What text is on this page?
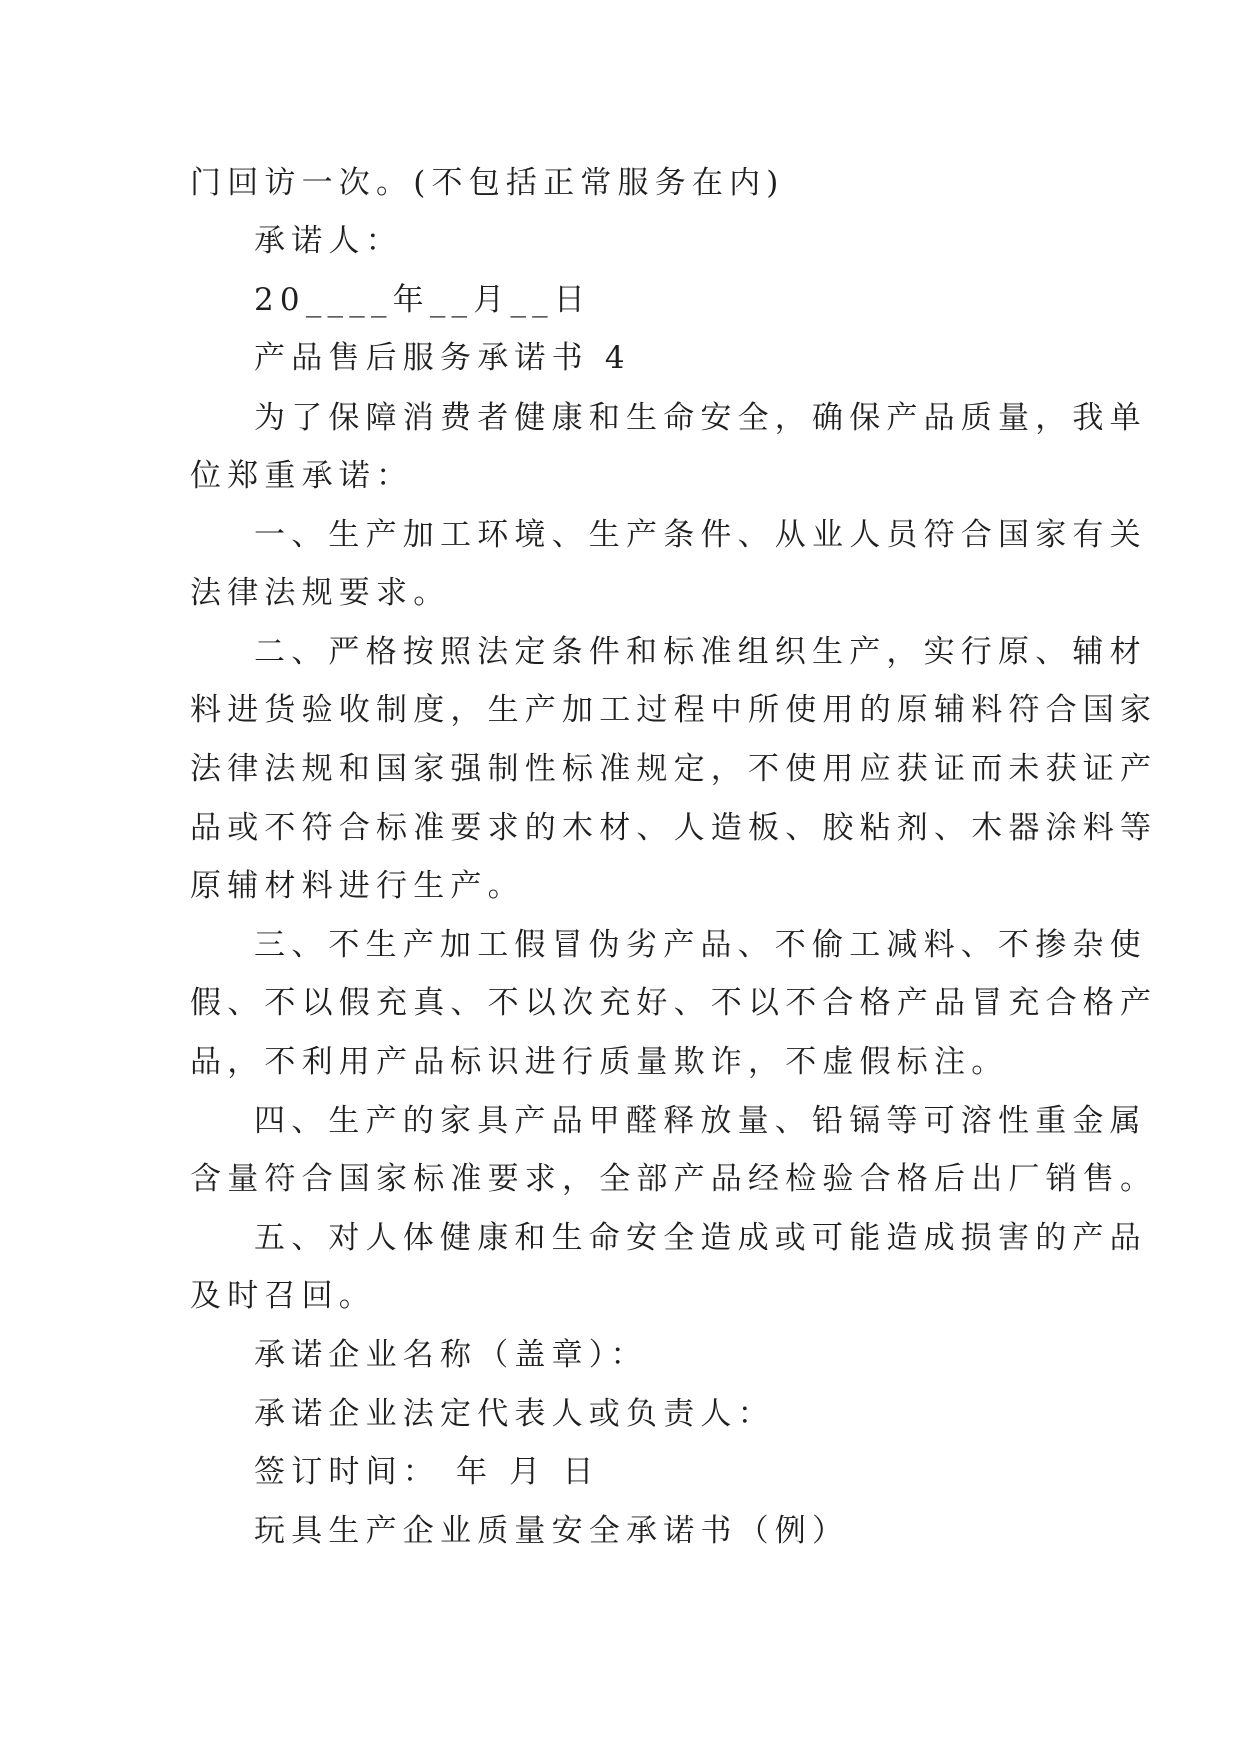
门回访一次。(不包括正常服务在内)
承诺人：
20____年__月__日
产品售后服务承诺书 4
为了保障消费者健康和生命安全，确保产品质量，我单
位郑重承诺：
一、生产加工环境、生产条件、从业人员符合国家有关
法律法规要求。
二、严格按照法定条件和标准组织生产，实行原、辅材
料进货验收制度，生产加工过程中所使用的原辅料符合国家
法律法规和国家强制性标准规定，不使用应获证而未获证产
品或不符合标准要求的木材、人造板、胶粘剂、木器涂料等
原辅材料进行生产。
三、不生产加工假冒伪劣产品、不偷工减料、不掺杂使
假、不以假充真、不以次充好、不以不合格产品冒充合格产
品，不利用产品标识进行质量欺诈，不虚假标注。
四、生产的家具产品甲醛释放量、铅镉等可溶性重金属
含量符合国家标准要求，全部产品经检验合格后出厂销售。
五、对人体健康和生命安全造成或可能造成损害的产品
及时召回。
承诺企业名称（盖章）：
承诺企业法定代表人或负责人：
签订时间： 年 月 日
玩具生产企业质量安全承诺书（例）
